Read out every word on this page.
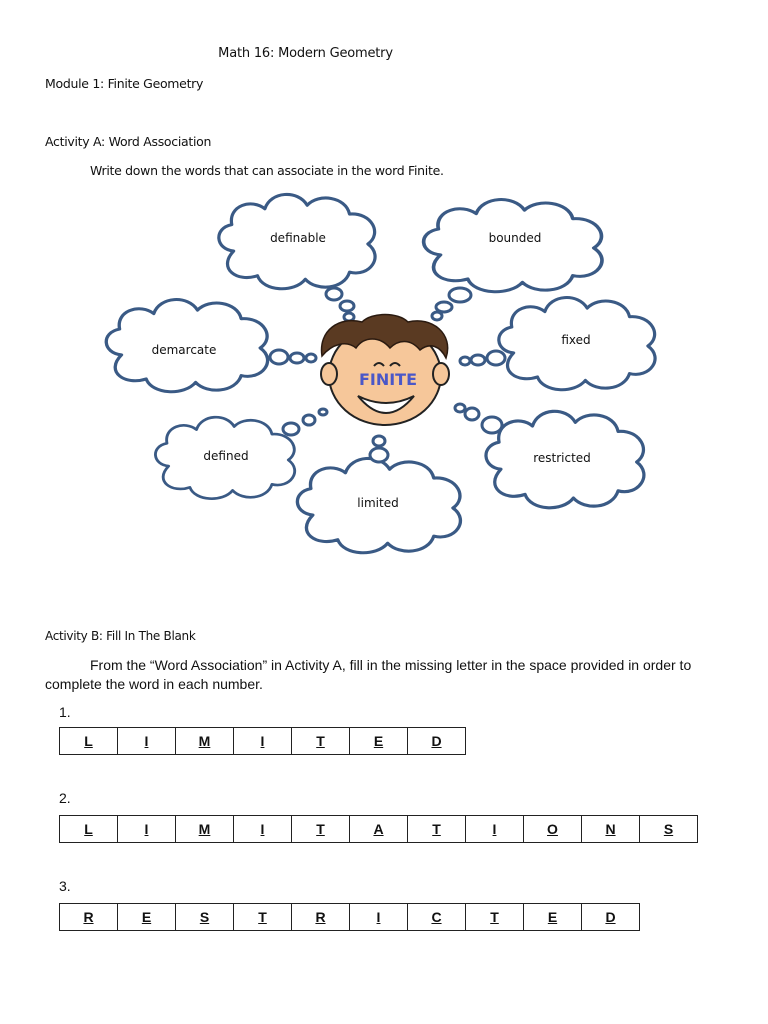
Math 16: Modern Geometry
Module 1: Finite Geometry
Activity A: Word Association
Write down the words that can associate in the word Finite.
definable	bounded
demarcate
fixed
defined	restricted
limited
FINITE
Activity B: Fill In The Blank
From the “Word Association” in Activity A, fill in the missing letter in the space provided in order to complete the word in each number.
1.
L	I	M	I	T	E	D
2.
L	I	M	I	T	A	T	I	O	N	S
3.
R	E	S	T	R	I	C	T	E	D
